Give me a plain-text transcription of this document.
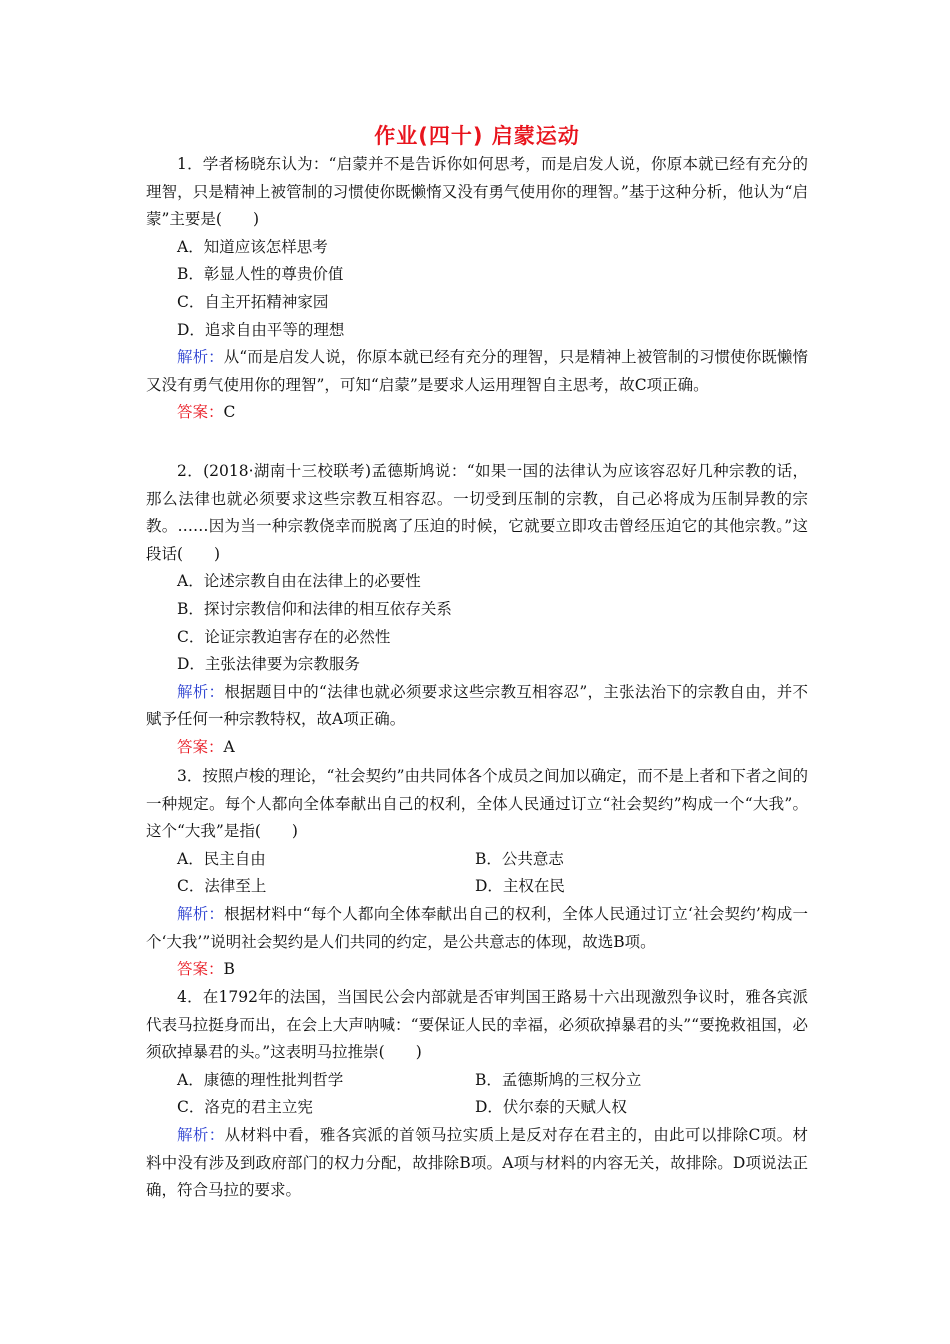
作业(四十) 启蒙运动

1．学者杨晓东认为：“启蒙并不是告诉你如何思考，而是启发人说，你原本就已经有充分的理智，只是精神上被管制的习惯使你既懒惰又没有勇气使用你的理智。”基于这种分析，他认为“启蒙”主要是(　　)

A．知道应该怎样思考

B．彰显人性的尊贵价值

C．自主开拓精神家园

D．追求自由平等的理想

解析：从“而是启发人说，你原本就已经有充分的理智，只是精神上被管制的习惯使你既懒惰又没有勇气使用你的理智”，可知“启蒙”是要求人运用理智自主思考，故C项正确。

答案：C

2．(2018·湖南十三校联考)孟德斯鸠说：“如果一国的法律认为应该容忍好几种宗教的话，那么法律也就必须要求这些宗教互相容忍。一切受到压制的宗教，自己必将成为压制异教的宗教。……因为当一种宗教侥幸而脱离了压迫的时候，它就要立即攻击曾经压迫它的其他宗教。”这段话(　　)

A．论述宗教自由在法律上的必要性

B．探讨宗教信仰和法律的相互依存关系

C．论证宗教迫害存在的必然性

D．主张法律要为宗教服务

解析：根据题目中的“法律也就必须要求这些宗教互相容忍”，主张法治下的宗教自由，并不赋予任何一种宗教特权，故A项正确。

答案：A

3．按照卢梭的理论，“社会契约”由共同体各个成员之间加以确定，而不是上者和下者之间的一种规定。每个人都向全体奉献出自己的权利，全体人民通过订立“社会契约”构成一个“大我”。这个“大我”是指(　　)

A．民主自由	B．公共意志
C．法律至上	D．主权在民

解析：根据材料中“每个人都向全体奉献出自己的权利，全体人民通过订立‘社会契约’构成一个‘大我’”说明社会契约是人们共同的约定，是公共意志的体现，故选B项。

答案：B

4．在1792年的法国，当国民公会内部就是否审判国王路易十六出现激烈争议时，雅各宾派代表马拉挺身而出，在会上大声呐喊：“要保证人民的幸福，必须砍掉暴君的头”“要挽救祖国，必须砍掉暴君的头。”这表明马拉推崇(　　)

A．康德的理性批判哲学	B．孟德斯鸠的三权分立
C．洛克的君主立宪	D．伏尔泰的天赋人权

解析：从材料中看，雅各宾派的首领马拉实质上是反对存在君主的，由此可以排除C项。材料中没有涉及到政府部门的权力分配，故排除B项。A项与材料的内容无关，故排除。D项说法正确，符合马拉的要求。
